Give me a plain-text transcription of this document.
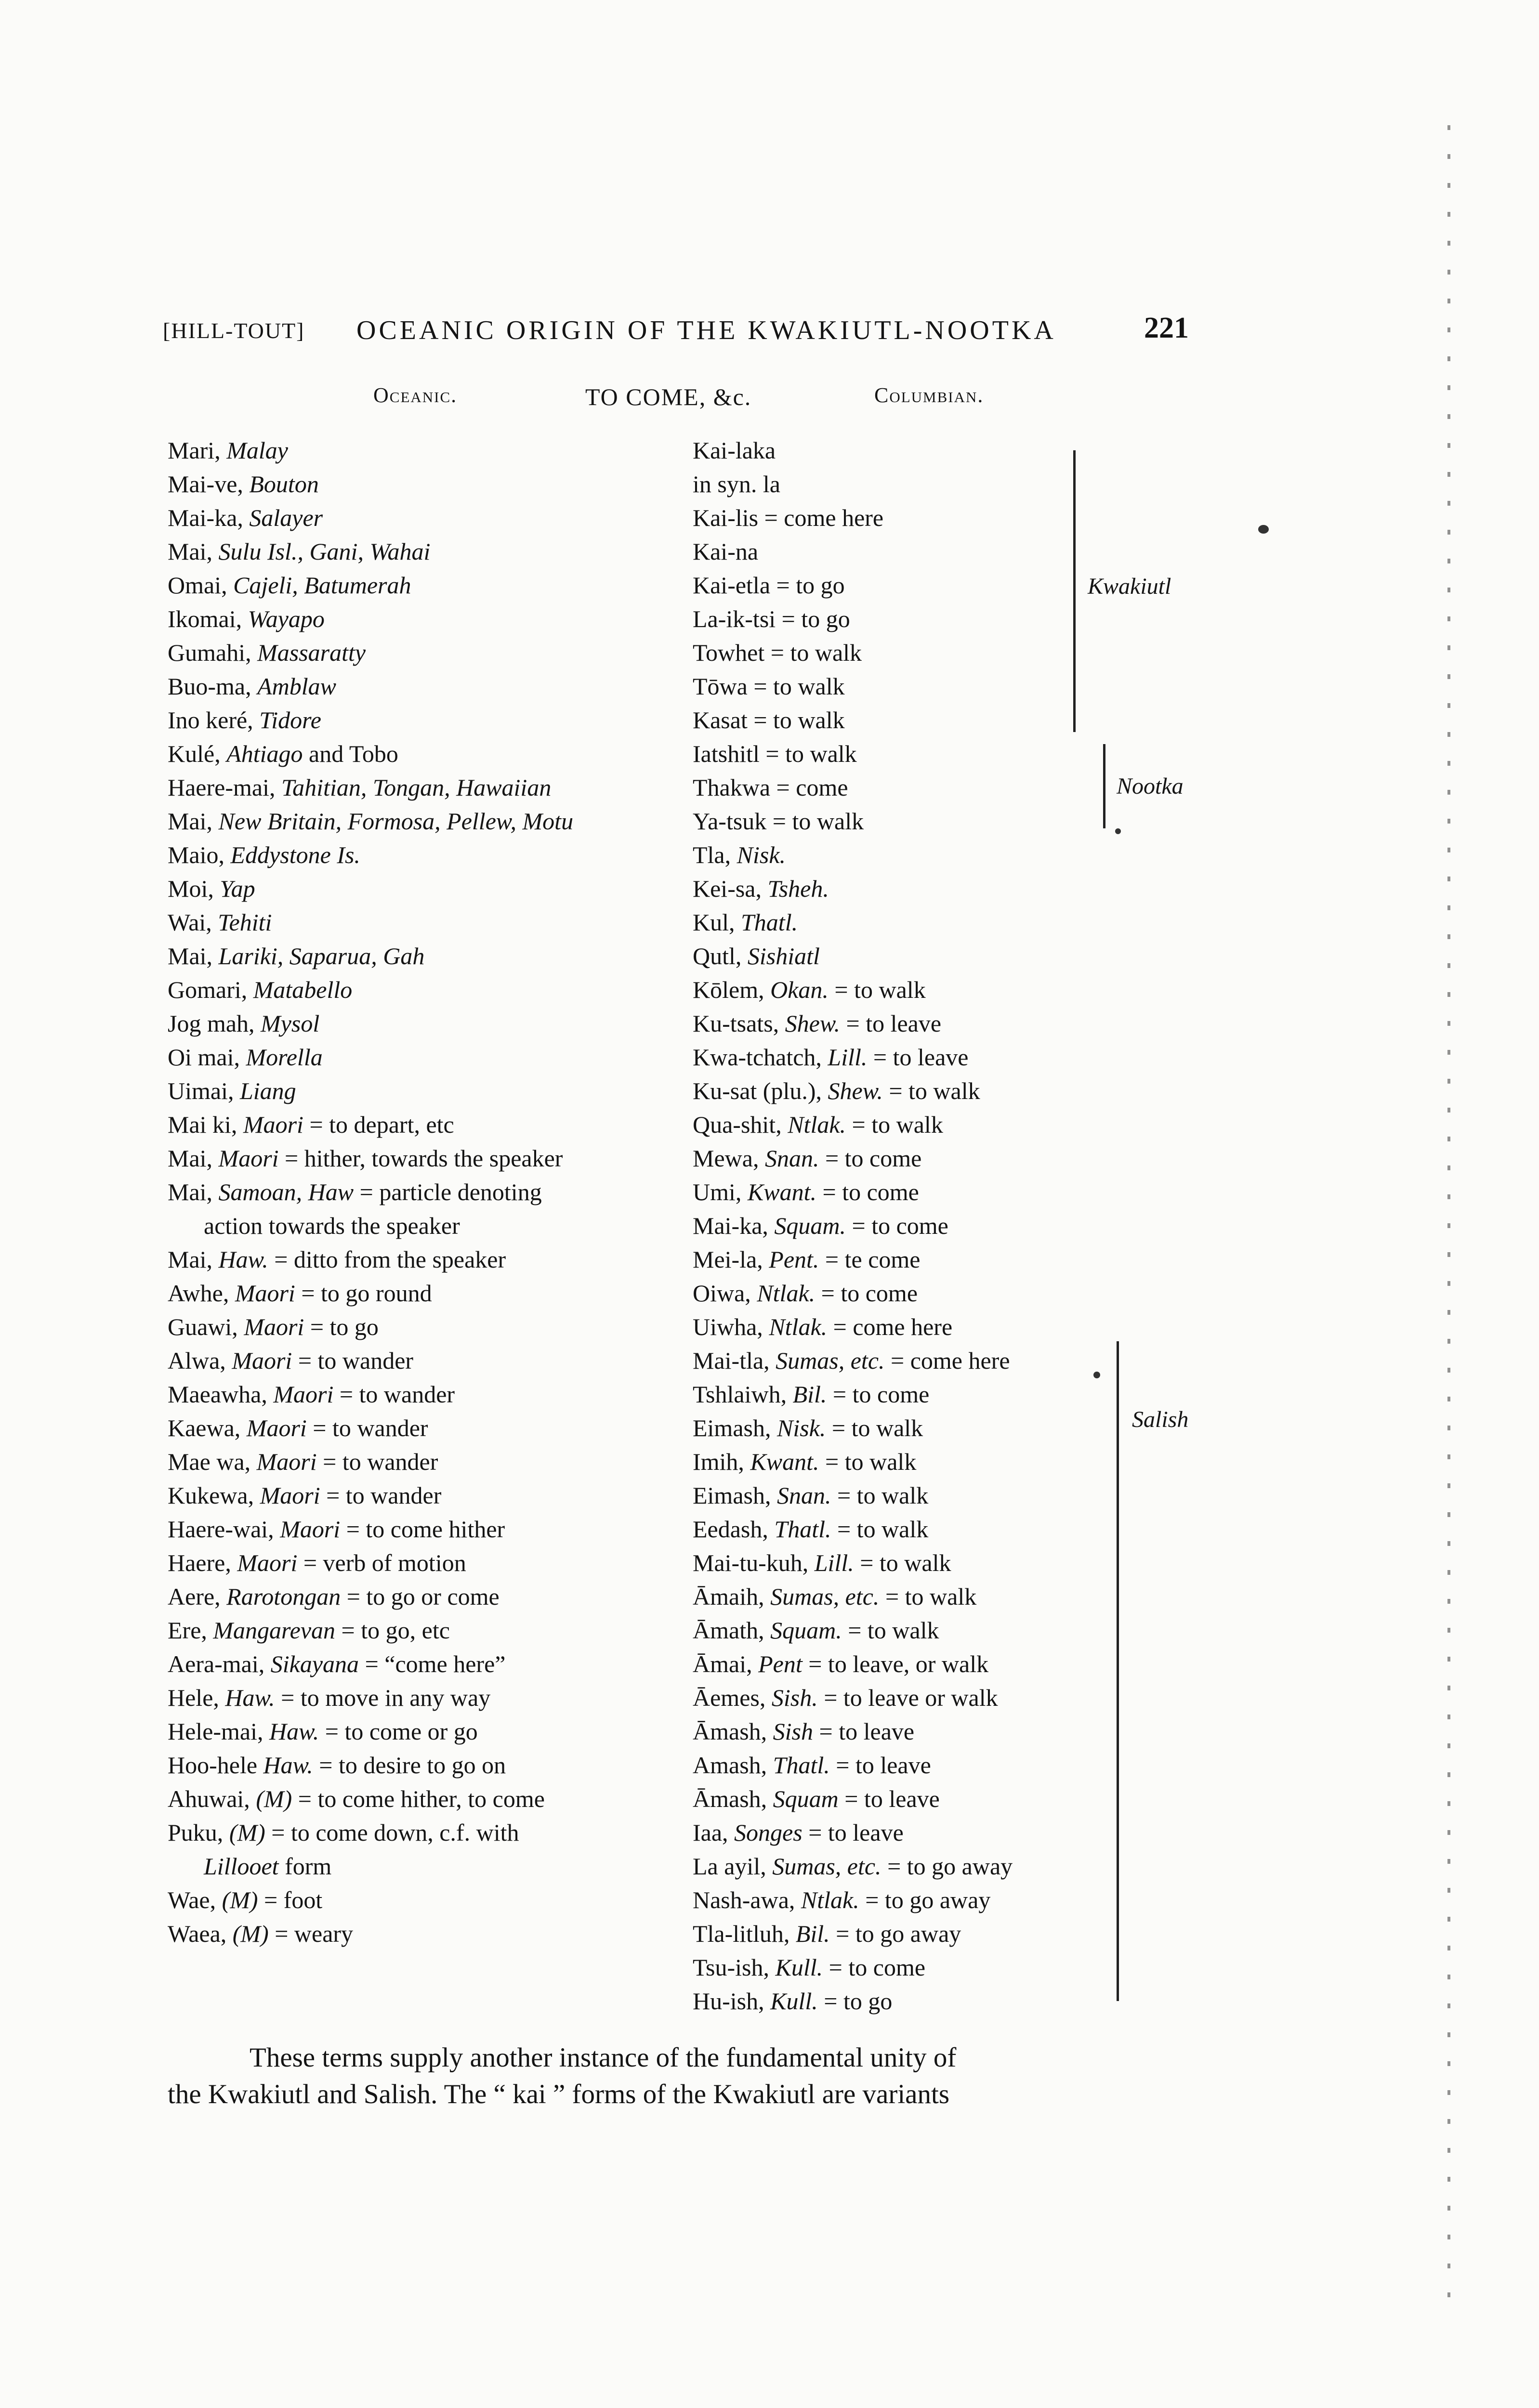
[HILL-TOUT] OCEANIC ORIGIN OF THE KWAKIUTL-NOOTKA	221
Oceanic.	TO COME, &c.	Columbian.
Mari, Malay
Mai-ve, Bouton
Mai-ka, Salayer
Mai, Sulu Isl., Gani, Wahai
Omai, Cajeli, Batumerah
Ikomai, Wayapo
Gumahi, Massaratty
Buo-ma, Amblaw
Ino keré, Tidore
Kulé, Ahtiago and Tobo
Haere-mai, Tahitian, Tongan, Hawaiian
Mai, New Britain, Formosa, Pellew, Motu
Maio, Eddystone Is.
Moi, Yap
Wai, Tehiti
Mai, Lariki, Saparua, Gah
Gomari, Matabello
Jog mah, Mysol
Oi mai, Morella
Uimai, Liang
Mai ki, Maori = to depart, etc
Mai, Maori = hither, towards the speaker
Mai, Samoan, Haw = particle denoting
action towards the speaker
Mai, Haw. = ditto from the speaker
Awhe, Maori = to go round
Guawi, Maori = to go
Alwa, Maori = to wander
Maeawha, Maori = to wander
Kaewa, Maori = to wander
Mae wa, Maori = to wander
Kukewa, Maori = to wander
Haere-wai, Maori = to come hither
Haere, Maori = verb of motion
Aere, Rarotongan = to go or come
Ere, Mangarevan = to go, etc
Aera-mai, Sikayana = “come here”
Hele, Haw. = to move in any way
Hele-mai, Haw. = to come or go
Hoo-hele Haw. = to desire to go on
Ahuwai, (M) = to come hither, to come
Puku, (M) = to come down, c.f. with
Lillooet form
Wae, (M) = foot
Waea, (M) = weary
Kai-laka
in syn. la
Kai-lis = come here
Kai-na
Kai-etla = to go
La-ik-tsi = to go
Towhet = to walk
Tōwa = to walk
Kasat = to walk
Iatshitl = to walk
Thakwa = come
Ya-tsuk = to walk
Tla, Nisk.
Kei-sa, Tsheh.
Kul, Thatl.
Qutl, Sishiatl
Kōlem, Okan. = to walk
Ku-tsats, Shew. = to leave
Kwa-tchatch, Lill. = to leave
Ku-sat (plu.), Shew. = to walk
Qua-shit, Ntlak. = to walk
Mewa, Snan. = to come
Umi, Kwant. = to come
Mai-ka, Squam. = to come
Mei-la, Pent. = te come
Oiwa, Ntlak. = to come
Uiwha, Ntlak. = come here
Mai-tla, Sumas, etc. = come here
Tshlaiwh, Bil. = to come
Eimash, Nisk. = to walk
Imih, Kwant. = to walk
Eimash, Snan. = to walk
Eedash, Thatl. = to walk
Mai-tu-kuh, Lill. = to walk
Āmaih, Sumas, etc. = to walk
Āmath, Squam. = to walk
Āmai, Pent = to leave, or walk
Āemes, Sish. = to leave or walk
Āmash, Sish = to leave
Amash, Thatl. = to leave
Āmash, Squam = to leave
Iaa, Songes = to leave
La ayil, Sumas, etc. = to go away
Nash-awa, Ntlak. = to go away
Tla-litluh, Bil. = to go away
Tsu-ish, Kull. = to come
Hu-ish, Kull. = to go
Kwakiutl
Nootka
Salish

These terms supply another instance of the fundamental unity of

the Kwakiutl and Salish. The “ kai ” forms of the Kwakiutl are variants
